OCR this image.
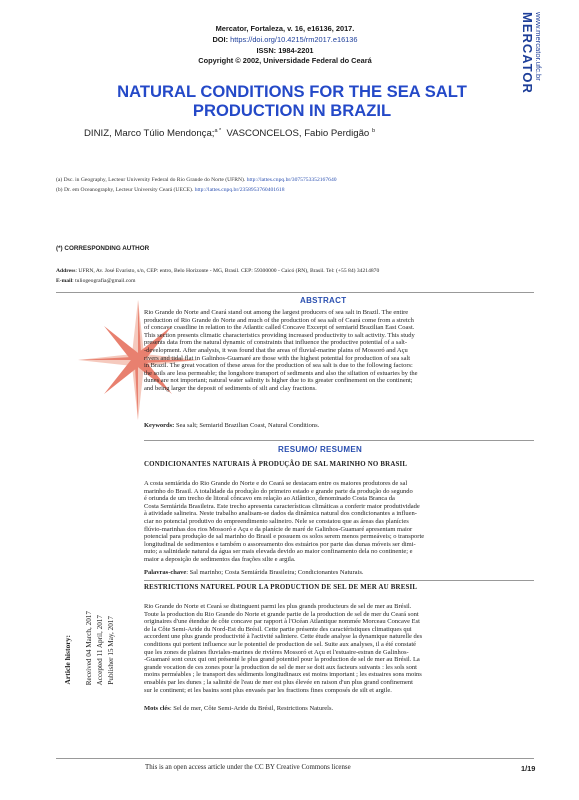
Mercator, Fortaleza, v. 16, e16136, 2017.
DOI: https://doi.org/10.4215/rm2017.e16136
ISSN: 1984-2201
Copyright © 2002, Universidade Federal do Ceará	MERCATOR www.mercator.ufc.br
NATURAL CONDITIONS FOR THE SEA SALT
PRODUCTION IN BRAZIL
DINIZ, Marco Túlio Mendonça;$^{a *}$ VASCONCELOS, Fabio Perdigão $^b$
(a) Dsc. in Geography, Lecteur University Federal do Rio Grande do Norte (UFRN). http://lattes.cnpq.br/3075753352167640
(b) Dr. em Oceanography, Lecteur University Ceará (UECE). http://lattes.cnpq.br/2358953760401618
(*) CORRESPONDING AUTHOR
Address: UFRN, Av. José Evaristo, s/n, CEP: entro, Belo Horizonte - MG, Brasil. CEP: 59300000 - Caicó (RN), Brasil. Tel: (+55 84) 34214870
E-mail: tuliogeografia@gmail.com
ABSTRACT
Rio Grande do Norte and Ceará stand out among the largest producers of sea salt in Brazil. The entire
production of Rio Grande do Norte and much of the production of sea salt of Ceará come from a stretch
of concave coastline in relation to the Atlantic called Concave Excerpt of semiarid Brazilian East Coast.
This section presents climatic characteristics providing increased productivity to salt activity. This study
presents data from the natural dynamic of constraints that influence the productive potential of a salt-
-development. After analysis, it was found that the areas of fluvial-marine plains of Mossoró and Açu
rivers and tidal flat in Galinhos-Guamaré are those with the highest potential for production of sea salt
in Brazil. The great vocation of these areas for the production of sea salt is due to the following factors:
the soils are less permeable; the longshore transport of sediments and also the siltation of estuaries by the
dunes are not important; natural water salinity is higher due to its greater confinement on the continent;
and being larger the deposit of sediments of silt and clay fractions.
Keywords: Sea salt; Semiarid Brazilian Coast, Natural Conditions.
RESUMO/ RESUMEN
CONDICIONANTES NATURAIS À PRODUÇÃO DE SAL MARINHO NO BRASIL
A costa semiárida do Rio Grande do Norte e do Ceará se destacam entre os maiores produtores de sal
marinho do Brasil. A totalidade da produção do primeiro estado e grande parte da produção do segundo
é oriunda de um trecho de litoral côncavo em relação ao Atlântico, denominado Costa Branca da
Costa Semiárida Brasileira. Este trecho apresenta características climáticas a conferir maior produtividade
à atividade salineira. Neste trabalho analisam-se dados da dinâmica natural dos condicionantes a influen-
ciar no potencial produtivo do empreendimento salineiro. Nele se constatou que as áreas das planícies
flúvio-marinhas dos rios Mossoró e Açu e da planície de maré de Galinhos-Guamaré apresentam maior
potencial para produção de sal marinho do Brasil e possuem os solos serem menos permeáveis; o transporte
longitudinal de sedimentos e também o assoreamento dos estuários por parte das dunas móveis ser dimi-
nuto; a salinidade natural da água ser mais elevada devido ao maior confinamento dela no continente; e
maior a deposição de sedimentos das frações silte e argila.
Palavras-chave: Sal marinho; Costa Semiárida Brasileira; Condicionantes Naturais.
RESTRICTIONS NATUREL POUR LA PRODUCTION DE SEL DE MER AU BRESIL
Rio Grande do Norte et Ceará se distinguent parmi les plus grands producteurs de sel de mer au Brésil.
Toute la production du Rio Grande do Norte et grande partie de la production de sel de mer du Ceará sont
originaires d'une étendue de côte concave par rapport à l'Océan Atlantique nommée Morceau Concave Est
de la Côte Semi-Aride du Nord-Est du Brésil. Cette partie présente des caractéristiques climatiques qui
accordent une plus grande productivité à l'activité saliniere. Cette étude analyse la dynamique naturelle des
conditions qui portent influence sur le potentiel de production de sel. Suite aux analyses, il a été constaté
que les zones de plaines fluviales-marines de rivières Mossoró et Açu et l'estuaire-estran de Galinhos-
-Guamaré sont ceux qui ont présenté le plus grand potentiel pour la production de sel de mer au Brésil. La
grande vocation de ces zones pour la production de sel de mer se doit aux facteurs suivants : les sols sont
moins perméables ; le transport des sédiments longitudinaux est moins important ; les estuaires sons moins
ensablés par les dunes ; la salinité de l'eau de mer est plus élevée en raison d'un plus grand confinement
sur le continent; et les basins sont plus envasés par les fractions fines composés de silt et argile.
Mots clés: Sel de mer, Côte Semi-Aride du Brésil, Restrictions Naturels.
Article history: Received 04 March, 2017 Accepted 11 April, 2017 Publisher 15 May, 2017
This is an open access article under the CC BY Creative Commons license	1/19
